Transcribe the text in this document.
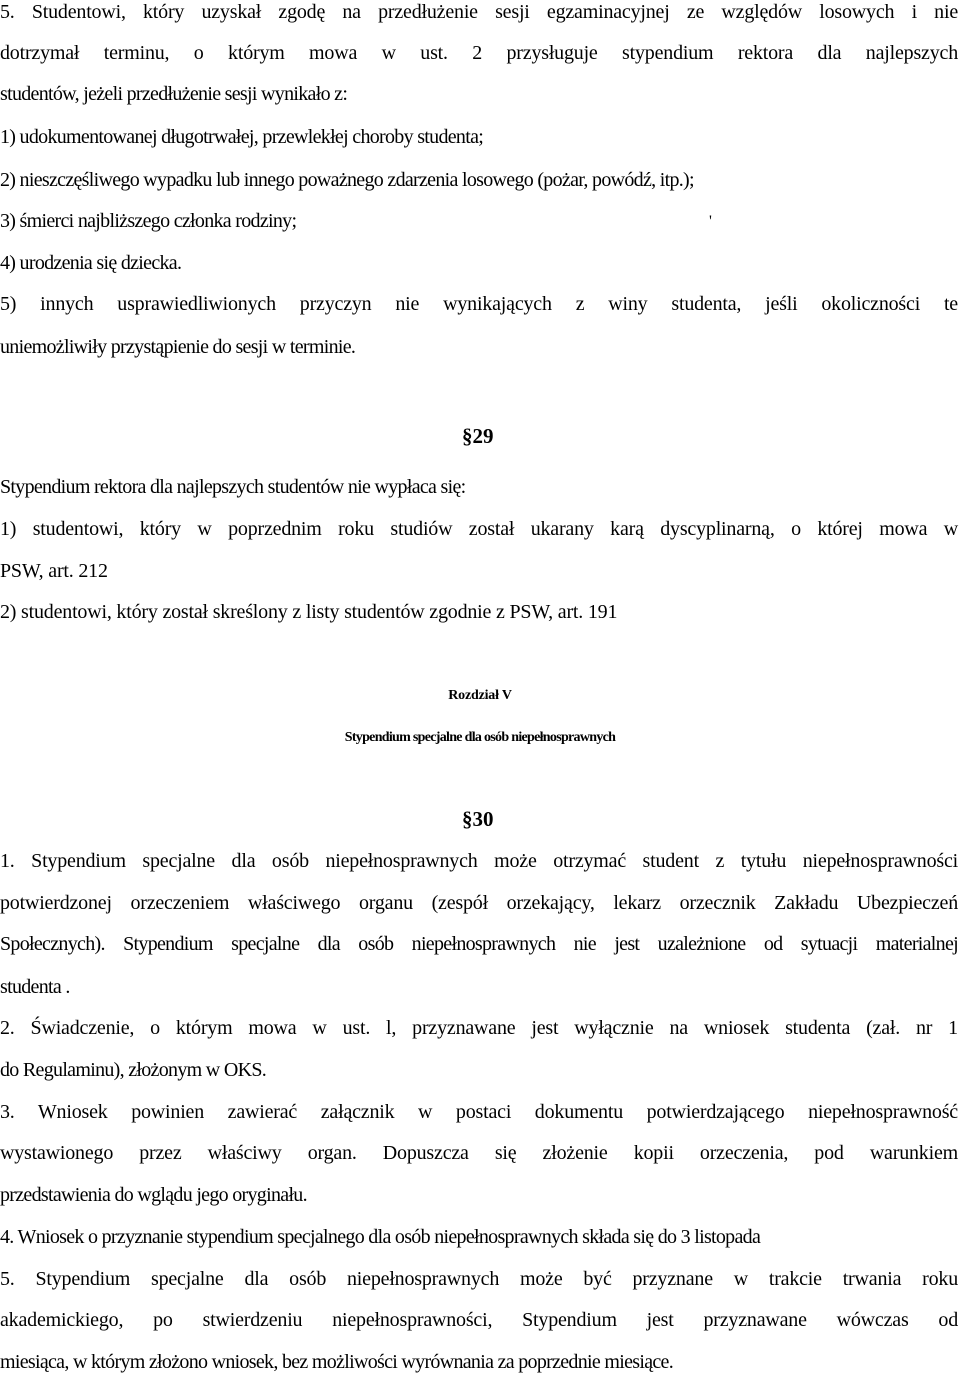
5. Studentowi, który uzyskał zgodę na przedłużenie sesji egzaminacyjnej ze względów losowych i nie
dotrzymał terminu, o którym mowa w ust. 2 przysługuje stypendium rektora dla najlepszych
studentów, jeżeli przedłużenie sesji wynikało z:
1) udokumentowanej długotrwałej, przewlekłej choroby studenta;
2) nieszczęśliwego wypadku lub innego poważnego zdarzenia losowego (pożar, powódź, itp.);
3) śmierci najbliższego członka rodziny;	'
4) urodzenia się dziecka.
5) innych usprawiedliwionych przyczyn nie wynikających z winy studenta, jeśli okoliczności te
uniemożliwiły przystąpienie do sesji w terminie.
§29
Stypendium rektora dla najlepszych studentów nie wypłaca się:
1) studentowi, który w poprzednim roku studiów został ukarany karą dyscyplinarną, o której mowa w
PSW, art. 212
2) studentowi, który został skreślony z listy studentów zgodnie z PSW, art. 191
Rozdział V
Stypendium specjalne dla osób niepełnosprawnych
§30
1. Stypendium specjalne dla osób niepełnosprawnych może otrzymać student z tytułu niepełnosprawności
potwierdzonej orzeczeniem właściwego organu (zespół orzekający, lekarz orzecznik Zakładu Ubezpieczeń
Społecznych). Stypendium specjalne dla osób niepełnosprawnych nie jest uzależnione od sytuacji materialnej
studenta .
2. Świadczenie, o którym mowa w ust. l, przyznawane jest wyłącznie na wniosek studenta (zał. nr 1
do Regulaminu), złożonym w OKS.
3. Wniosek powinien zawierać załącznik w postaci dokumentu potwierdzającego niepełnosprawność
wystawionego przez właściwy organ. Dopuszcza się złożenie kopii orzeczenia, pod warunkiem
przedstawienia do wglądu jego oryginału.
4. Wniosek o przyznanie stypendium specjalnego dla osób niepełnosprawnych składa się do 3 listopada
5. Stypendium specjalne dla osób niepełnosprawnych może być przyznane w trakcie trwania roku
akademickiego, po stwierdzeniu niepełnosprawności, Stypendium jest przyznawane wówczas od
miesiąca, w którym złożono wniosek, bez możliwości wyrównania za poprzednie miesiące.
